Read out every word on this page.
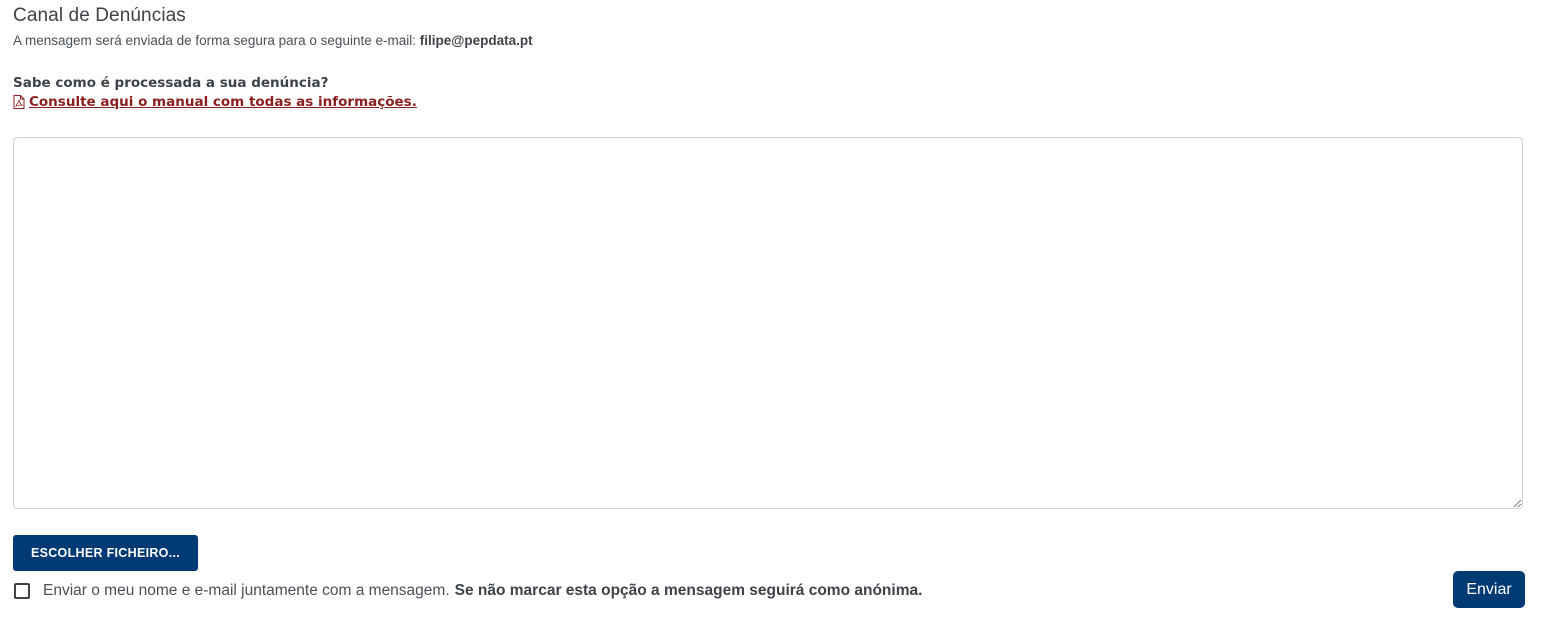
Canal de Denúncias
A mensagem será enviada de forma segura para o seguinte e-mail: filipe@pepdata.pt
Sabe como é processada a sua denúncia?
Consulte aqui o manual com todas as informações.
ESCOLHER FICHEIRO...
Enviar o meu nome e e-mail juntamente com a mensagem. Se não marcar esta opção a mensagem seguirá como anónima.	Enviar
